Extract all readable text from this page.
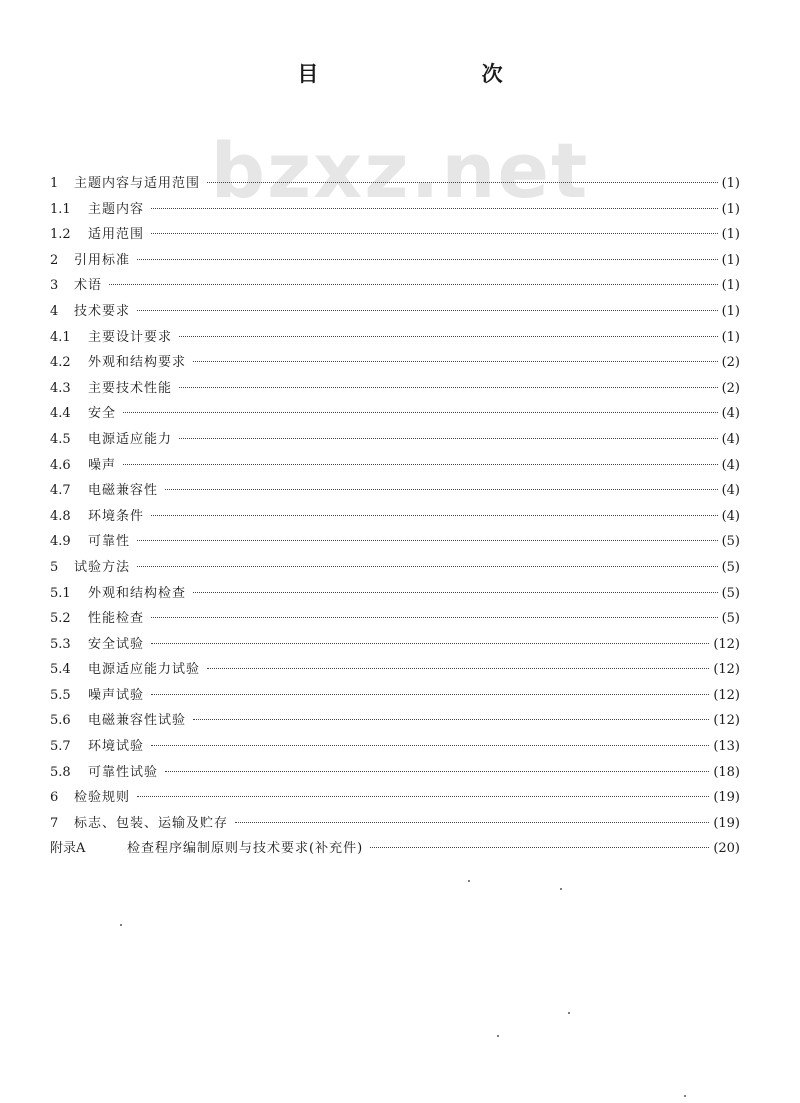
bzxz.net
目 次
1	主题内容与适用范围	(1)
1.1	主题内容	(1)
1.2	适用范围	(1)
2	引用标准	(1)
3	术语	(1)
4	技术要求	(1)
4.1	主要设计要求	(1)
4.2	外观和结构要求	(2)
4.3	主要技术性能	(2)
4.4	安全	(4)
4.5	电源适应能力	(4)
4.6	噪声	(4)
4.7	电磁兼容性	(4)
4.8	环境条件	(4)
4.9	可靠性	(5)
5	试验方法	(5)
5.1	外观和结构检查	(5)
5.2	性能检查	(5)
5.3	安全试验	(12)
5.4	电源适应能力试验	(12)
5.5	噪声试验	(12)
5.6	电磁兼容性试验	(12)
5.7	环境试验	(13)
5.8	可靠性试验	(18)
6	检验规则	(19)
7	标志、包装、运输及贮存	(19)
附录A	检查程序编制原则与技术要求(补充件)	(20)
